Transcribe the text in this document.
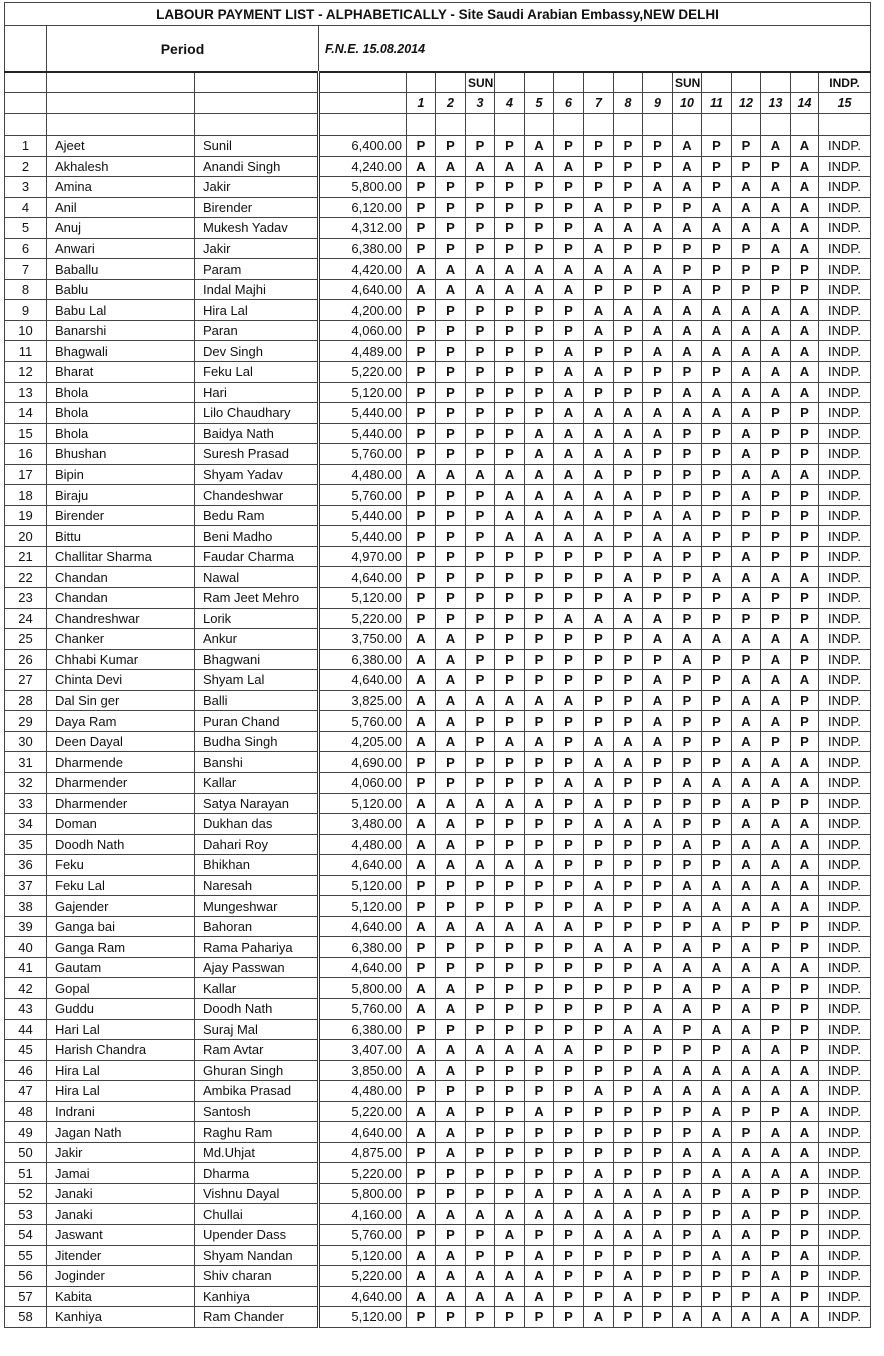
LABOUR PAYMENT LIST - ALPHABETICALLY - Site Saudi Arabian Embassy,NEW DELHI																		
	Period		F.N.E. 15.08.2014															
						SUN							SUN					INDP.
				1	2	3	4	5	6	7	8	9	10	11	12	13	14	15

1	Ajeet	Sunil	6,400.00	P	P	P	P	A	P	P	P	P	A	P	P	A	A	INDP.
2	Akhalesh	Anandi Singh	4,240.00	A	A	A	A	A	A	P	P	P	A	P	P	P	A	INDP.
3	Amina	Jakir	5,800.00	P	P	P	P	P	P	P	P	A	A	P	A	A	A	INDP.
4	Anil	Birender	6,120.00	P	P	P	P	P	P	A	P	P	P	A	A	A	A	INDP.
5	Anuj	Mukesh Yadav	4,312.00	P	P	P	P	P	P	A	A	A	A	A	A	A	A	INDP.
6	Anwari	Jakir	6,380.00	P	P	P	P	P	P	A	P	P	P	P	P	A	A	INDP.
7	Baballu	Param	4,420.00	A	A	A	A	A	A	A	A	A	P	P	P	P	P	INDP.
8	Bablu	Indal Majhi	4,640.00	A	A	A	A	A	A	P	P	P	A	P	P	P	P	INDP.
9	Babu Lal	Hira Lal	4,200.00	P	P	P	P	P	P	A	A	A	A	A	A	A	A	INDP.
10	Banarshi	Paran	4,060.00	P	P	P	P	P	P	A	P	A	A	A	A	A	A	INDP.
11	Bhagwali	Dev Singh	4,489.00	P	P	P	P	P	A	P	P	A	A	A	A	A	A	INDP.
12	Bharat	Feku Lal	5,220.00	P	P	P	P	P	A	A	P	P	P	P	A	A	A	INDP.
13	Bhola	Hari	5,120.00	P	P	P	P	P	A	P	P	P	A	A	A	A	A	INDP.
14	Bhola	Lilo Chaudhary	5,440.00	P	P	P	P	P	A	A	A	A	A	A	A	P	P	INDP.
15	Bhola	Baidya Nath	5,440.00	P	P	P	P	A	A	A	A	A	P	P	A	P	P	INDP.
16	Bhushan	Suresh Prasad	5,760.00	P	P	P	P	A	A	A	A	P	P	P	A	P	P	INDP.
17	Bipin	Shyam Yadav	4,480.00	A	A	A	A	A	A	A	P	P	P	P	A	A	A	INDP.
18	Biraju	Chandeshwar	5,760.00	P	P	P	A	A	A	A	A	P	P	P	A	P	P	INDP.
19	Birender	Bedu Ram	5,440.00	P	P	P	A	A	A	A	P	A	A	P	P	P	P	INDP.
20	Bittu	Beni Madho	5,440.00	P	P	P	A	A	A	A	P	A	A	P	P	P	P	INDP.
21	Challitar Sharma	Faudar Charma	4,970.00	P	P	P	P	P	P	P	P	A	P	P	A	P	P	INDP.
22	Chandan	Nawal	4,640.00	P	P	P	P	P	P	P	A	P	P	A	A	A	A	INDP.
23	Chandan	Ram Jeet Mehro	5,120.00	P	P	P	P	P	P	P	A	P	P	P	A	P	P	INDP.
24	Chandreshwar	Lorik	5,220.00	P	P	P	P	P	A	A	A	A	P	P	P	P	P	INDP.
25	Chanker	Ankur	3,750.00	A	A	P	P	P	P	P	P	A	A	A	A	A	A	INDP.
26	Chhabi Kumar	Bhagwani	6,380.00	A	A	P	P	P	P	P	P	P	A	P	P	A	P	INDP.
27	Chinta Devi	Shyam Lal	4,640.00	A	A	P	P	P	P	P	P	A	P	P	A	A	A	INDP.
28	Dal Sin ger	Balli	3,825.00	A	A	A	A	A	A	P	P	A	P	P	A	A	P	INDP.
29	Daya Ram	Puran Chand	5,760.00	A	A	P	P	P	P	P	P	A	P	P	A	A	P	INDP.
30	Deen Dayal	Budha Singh	4,205.00	A	A	P	A	A	P	A	A	A	P	P	A	P	P	INDP.
31	Dharmende	Banshi	4,690.00	P	P	P	P	P	P	A	A	P	P	P	A	A	A	INDP.
32	Dharmender	Kallar	4,060.00	P	P	P	P	P	A	A	P	P	A	A	A	A	A	INDP.
33	Dharmender	Satya Narayan	5,120.00	A	A	A	A	A	P	A	P	P	P	P	A	P	P	INDP.
34	Doman	Dukhan das	3,480.00	A	A	P	P	P	P	A	A	A	P	P	A	A	A	INDP.
35	Doodh Nath	Dahari Roy	4,480.00	A	A	P	P	P	P	P	P	P	A	P	A	A	A	INDP.
36	Feku	Bhikhan	4,640.00	A	A	A	A	A	P	P	P	P	P	P	A	A	A	INDP.
37	Feku Lal	Naresah	5,120.00	P	P	P	P	P	P	A	P	P	A	A	A	A	A	INDP.
38	Gajender	Mungeshwar	5,120.00	P	P	P	P	P	P	A	P	P	A	A	A	A	A	INDP.
39	Ganga bai	Bahoran	4,640.00	A	A	A	A	A	A	P	P	P	P	A	P	P	P	INDP.
40	Ganga Ram	Rama Pahariya	6,380.00	P	P	P	P	P	P	A	A	P	A	P	A	P	P	INDP.
41	Gautam	Ajay Passwan	4,640.00	P	P	P	P	P	P	P	P	A	A	A	A	A	A	INDP.
42	Gopal	Kallar	5,800.00	A	A	P	P	P	P	P	P	P	A	P	A	P	P	INDP.
43	Guddu	Doodh Nath	5,760.00	A	A	P	P	P	P	P	P	A	A	P	A	P	P	INDP.
44	Hari Lal	Suraj Mal	6,380.00	P	P	P	P	P	P	P	A	A	P	A	A	P	P	INDP.
45	Harish Chandra	Ram Avtar	3,407.00	A	A	A	A	A	A	P	P	P	P	P	A	A	P	INDP.
46	Hira Lal	Ghuran Singh	3,850.00	A	A	P	P	P	P	P	P	A	A	A	A	A	A	INDP.
47	Hira Lal	Ambika Prasad	4,480.00	P	P	P	P	P	P	A	P	A	A	A	A	A	A	INDP.
48	Indrani	Santosh	5,220.00	A	A	P	P	A	P	P	P	P	P	A	P	P	A	INDP.
49	Jagan Nath	Raghu Ram	4,640.00	A	A	P	P	P	P	P	P	P	P	A	P	A	A	INDP.
50	Jakir	Md.Uhjat	4,875.00	P	A	P	P	P	P	P	P	P	A	A	A	A	A	INDP.
51	Jamai	Dharma	5,220.00	P	P	P	P	P	P	A	P	P	P	A	A	A	A	INDP.
52	Janaki	Vishnu Dayal	5,800.00	P	P	P	P	A	P	A	A	A	A	P	A	P	P	INDP.
53	Janaki	Chullai	4,160.00	A	A	A	A	A	A	A	A	P	P	P	A	P	P	INDP.
54	Jaswant	Upender Dass	5,760.00	P	P	P	A	P	P	A	A	A	P	A	A	P	P	INDP.
55	Jitender	Shyam Nandan	5,120.00	A	A	P	P	A	P	P	P	P	P	A	A	P	A	INDP.
56	Joginder	Shiv charan	5,220.00	A	A	A	A	A	P	P	A	P	P	P	P	A	P	INDP.
57	Kabita	Kanhiya	4,640.00	A	A	A	A	A	P	P	A	P	P	P	P	A	P	INDP.
58	Kanhiya	Ram Chander	5,120.00	P	P	P	P	P	P	A	P	P	A	A	A	A	A	INDP.
